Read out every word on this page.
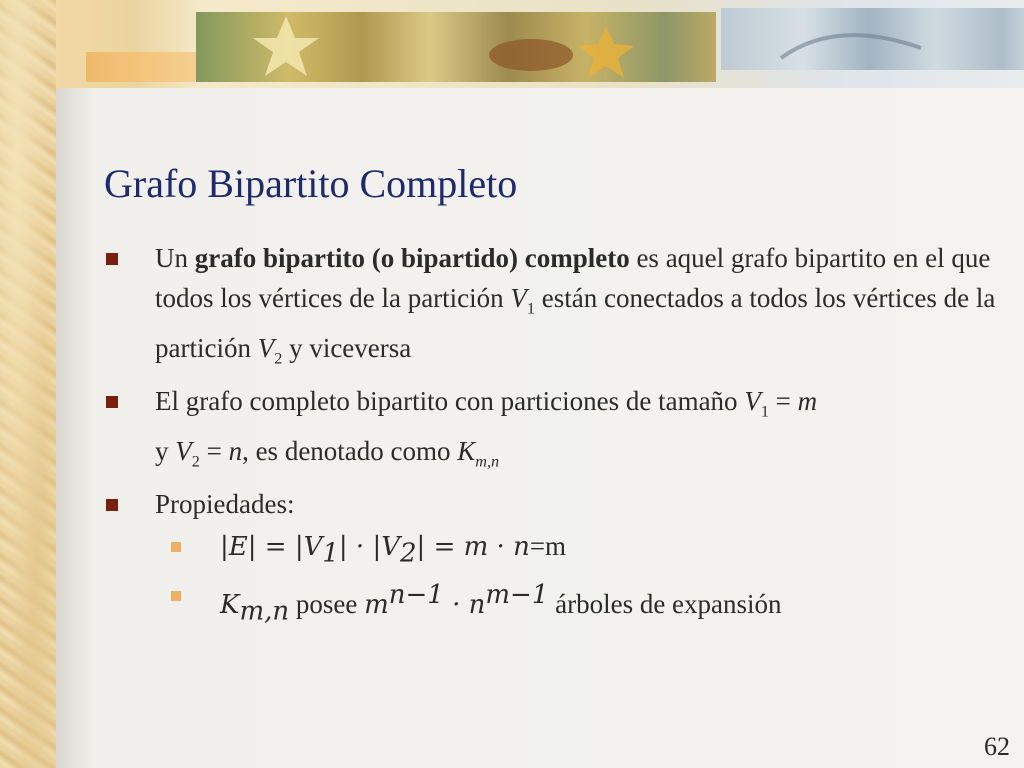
Grafo Bipartito Completo
Un grafo bipartito (o bipartido) completo es aquel grafo bipartito en el que todos los vértices de la partición $V_1$ están conectados a todos los vértices de la partición $V_2$ y viceversa
El grafo completo bipartito con particiones de tamaño $V_1 = m$
y $V_2 = n$, es denotado como $K_{m,n}$
Propiedades:
$|E| = |V_1| \cdot |V_2| = m \cdot n=m$
$K_{m,n}$ posee $m^{n-1} \cdot n^{m-1}$ árboles de expansión
62
